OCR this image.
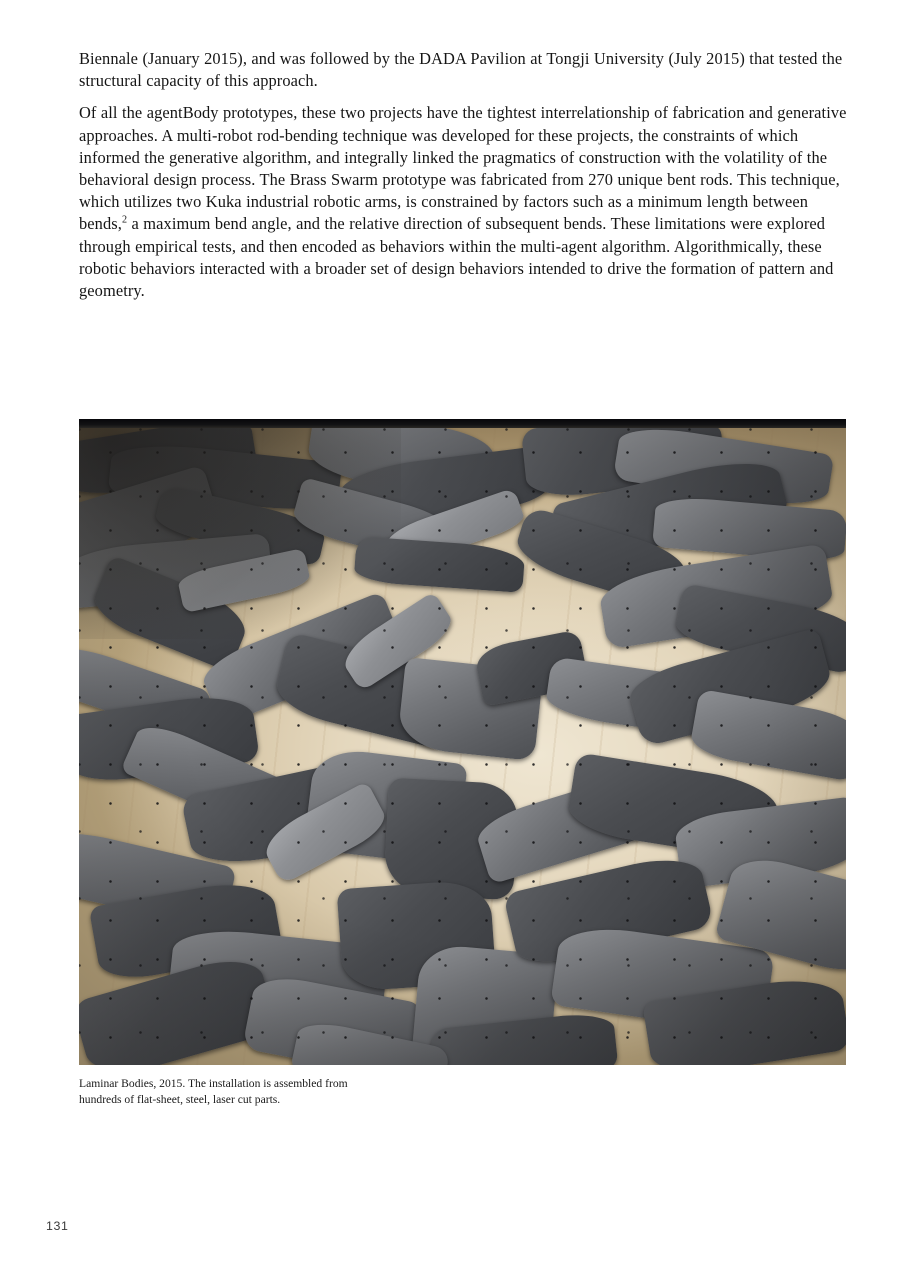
Biennale (January 2015), and was followed by the DADA Pavilion at Tongji University (July 2015) that tested the structural capacity of this approach.

Of all the agentBody prototypes, these two projects have the tightest interrelationship of fabrication and generative approaches. A multi-robot rod-bending technique was developed for these projects, the constraints of which informed the generative algorithm, and integrally linked the pragmatics of construction with the volatility of the behavioral design process. The Brass Swarm prototype was fabricated from 270 unique bent rods. This technique, which utilizes two Kuka industrial robotic arms, is constrained by factors such as a minimum length between bends,$^2$ a maximum bend angle, and the relative direction of subsequent bends. These limitations were explored through empirical tests, and then encoded as behaviors within the multi-agent algorithm. Algorithmically, these robotic behaviors interacted with a broader set of design behaviors intended to drive the formation of pattern and geometry.

Laminar Bodies, 2015. The installation is assembled from hundreds of flat-sheet, steel, laser cut parts.
131
